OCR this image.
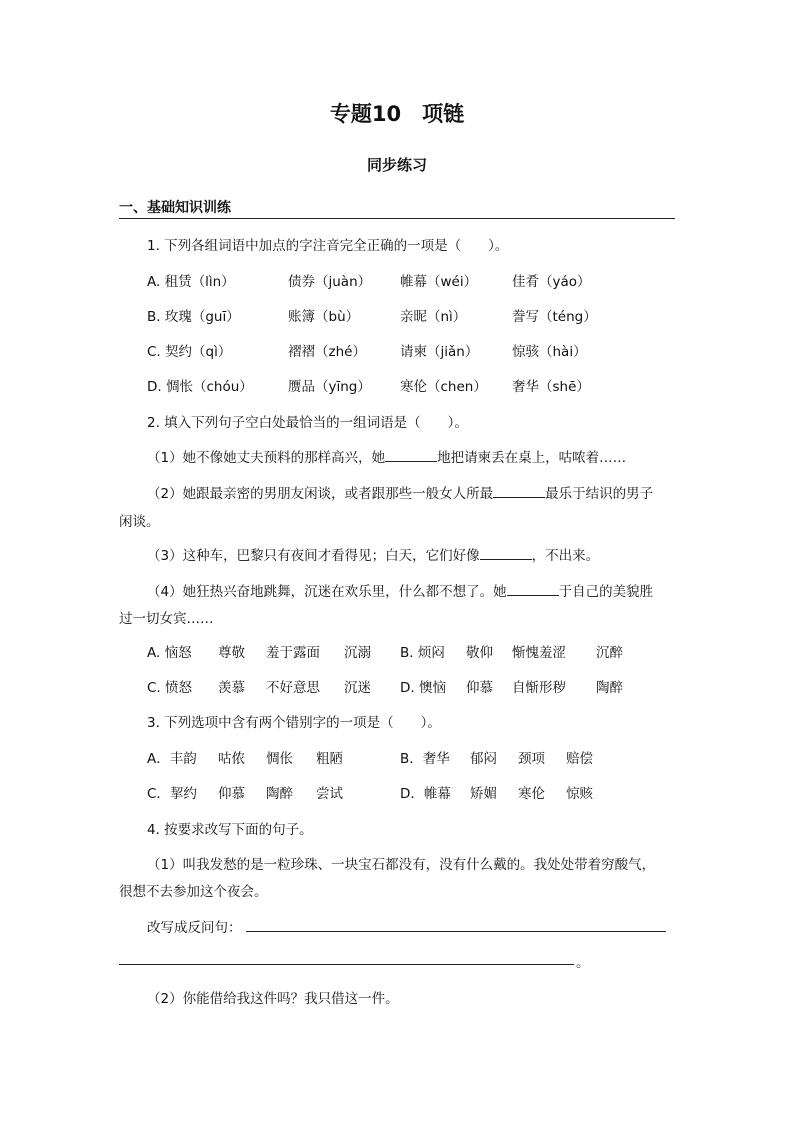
专题10　项链
同步练习
一、基础知识训练
1. 下列各组词语中加点的字注音完全正确的一项是（　　）。
A. 租赁（lìn）	债券（juàn） 帷幕（wéi）	佳肴（yáo）
B. 玫瑰（guī）	账簿（bù）	亲昵（nì）	誊写（téng）
C. 契约（qì）	褶褶（zhé）	请柬（jiǎn） 惊骇（hài）
D. 惆怅（chóu）	赝品（yīng） 寒伦（chen） 奢华（shē）
2. 填入下列句子空白处最恰当的一组词语是（　　）。
（1）她不像她丈夫预料的那样高兴，她	地把请柬丢在桌上，咕哝着……
（2）她跟最亲密的男朋友闲谈，或者跟那些一般女人所最	最乐于结识的男子
闲谈。
（3）这种车，巴黎只有夜间才看得见；白天，它们好像	，不出来。
（4）她狂热兴奋地跳舞，沉迷在欢乐里，什么都不想了。她	于自己的美貌胜
过一切女宾……
A. 恼怒 尊敬 羞于露面 沉溺 B. 烦闷 敬仰 惭愧羞涩 沉醉
C. 愤怒 羡慕 不好意思 沉迷 D. 懊恼 仰慕 自惭形秽 陶醉
3. 下列选项中含有两个错别字的一项是（　　）。
A．丰韵 咕侬 惆伥 粗陋	B．奢华 郁闷 颈项 赔偿
C．挈约 仰慕 陶醉 尝试	D．帷幕 矫媚 寒伦 惊赅
4. 按要求改写下面的句子。
（1）叫我发愁的是一粒珍珠、一块宝石都没有，没有什么戴的。我处处带着穷酸气，
很想不去参加这个夜会。
改写成反问句：
。
（2）你能借给我这件吗？我只借这一件。
